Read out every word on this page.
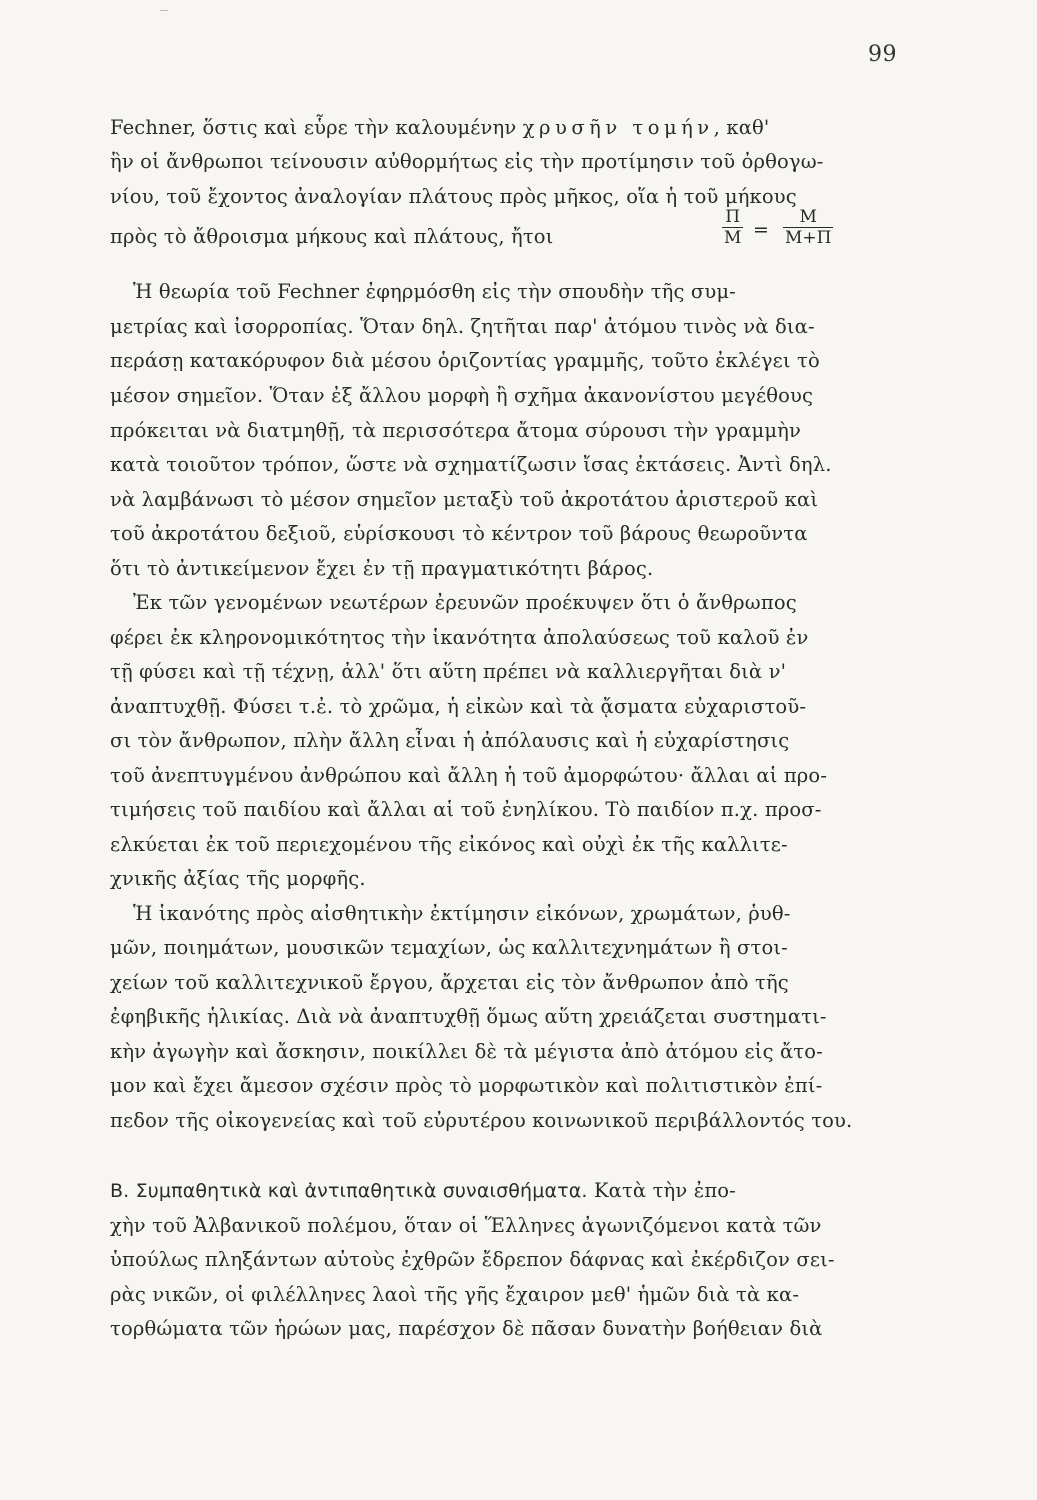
99
Fechner, ὅστις καὶ εὗρε τὴν καλουμένην χρυσῆν τομήν, καθ'
ἣν οἱ ἄνθρωποι τείνουσιν αὐθορμήτως εἰς τὴν προτίμησιν τοῦ ὀρθογω-
νίου, τοῦ ἔχοντος ἀναλογίαν πλάτους πρὸς μῆκος, οἵα ἡ τοῦ μήκους
πρὸς τὸ ἄθροισμα μήκους καὶ πλάτους, ἤτοι
Π
M =
M
M+Π
Ἡ θεωρία τοῦ Fechner ἐφηρμόσθη εἰς τὴν σπουδὴν τῆς συμ-
μετρίας καὶ ἰσορροπίας. Ὅταν δηλ. ζητῆται παρ' ἀτόμου τινὸς νὰ δια-
περάσῃ κατακόρυφον διὰ μέσου ὁριζοντίας γραμμῆς, τοῦτο ἐκλέγει τὸ
μέσον σημεῖον. Ὅταν ἐξ ἄλλου μορφὴ ἢ σχῆμα ἀκανονίστου μεγέθους
πρόκειται νὰ διατμηθῇ, τὰ περισσότερα ἄτομα σύρουσι τὴν γραμμὴν
κατὰ τοιοῦτον τρόπον, ὥστε νὰ σχηματίζωσιν ἴσας ἐκτάσεις. Ἀντὶ δηλ.
νὰ λαμβάνωσι τὸ μέσον σημεῖον μεταξὺ τοῦ ἀκροτάτου ἀριστεροῦ καὶ
τοῦ ἀκροτάτου δεξιοῦ, εὑρίσκουσι τὸ κέντρον τοῦ βάρους θεωροῦντα
ὅτι τὸ ἀντικείμενον ἔχει ἐν τῇ πραγματικότητι βάρος.
Ἐκ τῶν γενομένων νεωτέρων ἐρευνῶν προέκυψεν ὅτι ὁ ἄνθρωπος
φέρει ἐκ κληρονομικότητος τὴν ἱκανότητα ἀπολαύσεως τοῦ καλοῦ ἐν
τῇ φύσει καὶ τῇ τέχνῃ, ἀλλ' ὅτι αὕτη πρέπει νὰ καλλιεργῆται διὰ ν'
ἀναπτυχθῇ. Φύσει τ.ἐ. τὸ χρῶμα, ἡ εἰκὼν καὶ τὰ ᾄσματα εὐχαριστοῦ-
σι τὸν ἄνθρωπον, πλὴν ἄλλη εἶναι ἡ ἀπόλαυσις καὶ ἡ εὐχαρίστησις
τοῦ ἀνεπτυγμένου ἀνθρώπου καὶ ἄλλη ἡ τοῦ ἀμορφώτου· ἄλλαι αἱ προ-
τιμήσεις τοῦ παιδίου καὶ ἄλλαι αἱ τοῦ ἐνηλίκου. Τὸ παιδίον π.χ. προσ-
ελκύεται ἐκ τοῦ περιεχομένου τῆς εἰκόνος καὶ οὐχὶ ἐκ τῆς καλλιτε-
χνικῆς ἀξίας τῆς μορφῆς.
Ἡ ἱκανότης πρὸς αἰσθητικὴν ἐκτίμησιν εἰκόνων, χρωμάτων, ῥυθ-
μῶν, ποιημάτων, μουσικῶν τεμαχίων, ὡς καλλιτεχνημάτων ἢ στοι-
χείων τοῦ καλλιτεχνικοῦ ἔργου, ἄρχεται εἰς τὸν ἄνθρωπον ἀπὸ τῆς
ἐφηβικῆς ἡλικίας. Διὰ νὰ ἀναπτυχθῇ ὅμως αὕτη χρειάζεται συστηματι-
κὴν ἀγωγὴν καὶ ἄσκησιν, ποικίλλει δὲ τὰ μέγιστα ἀπὸ ἀτόμου εἰς ἄτο-
μον καὶ ἔχει ἄμεσον σχέσιν πρὸς τὸ μορφωτικὸν καὶ πολιτιστικὸν ἐπί-
πεδον τῆς οἰκογενείας καὶ τοῦ εὐρυτέρου κοινωνικοῦ περιβάλλοντός του.
Β. Συμπαθητικὰ καὶ ἀντιπαθητικὰ συναισθήματα. Κατὰ τὴν ἐπο-
χὴν τοῦ Ἀλβανικοῦ πολέμου, ὅταν οἱ Ἕλληνες ἀγωνιζόμενοι κατὰ τῶν
ὑπούλως πληξάντων αὐτοὺς ἐχθρῶν ἔδρεπον δάφνας καὶ ἐκέρδιζον σει-
ρὰς νικῶν, οἱ φιλέλληνες λαοὶ τῆς γῆς ἔχαιρον μεθ' ἡμῶν διὰ τὰ κα-
τορθώματα τῶν ἡρώων μας, παρέσχον δὲ πᾶσαν δυνατὴν βοήθειαν διὰ
